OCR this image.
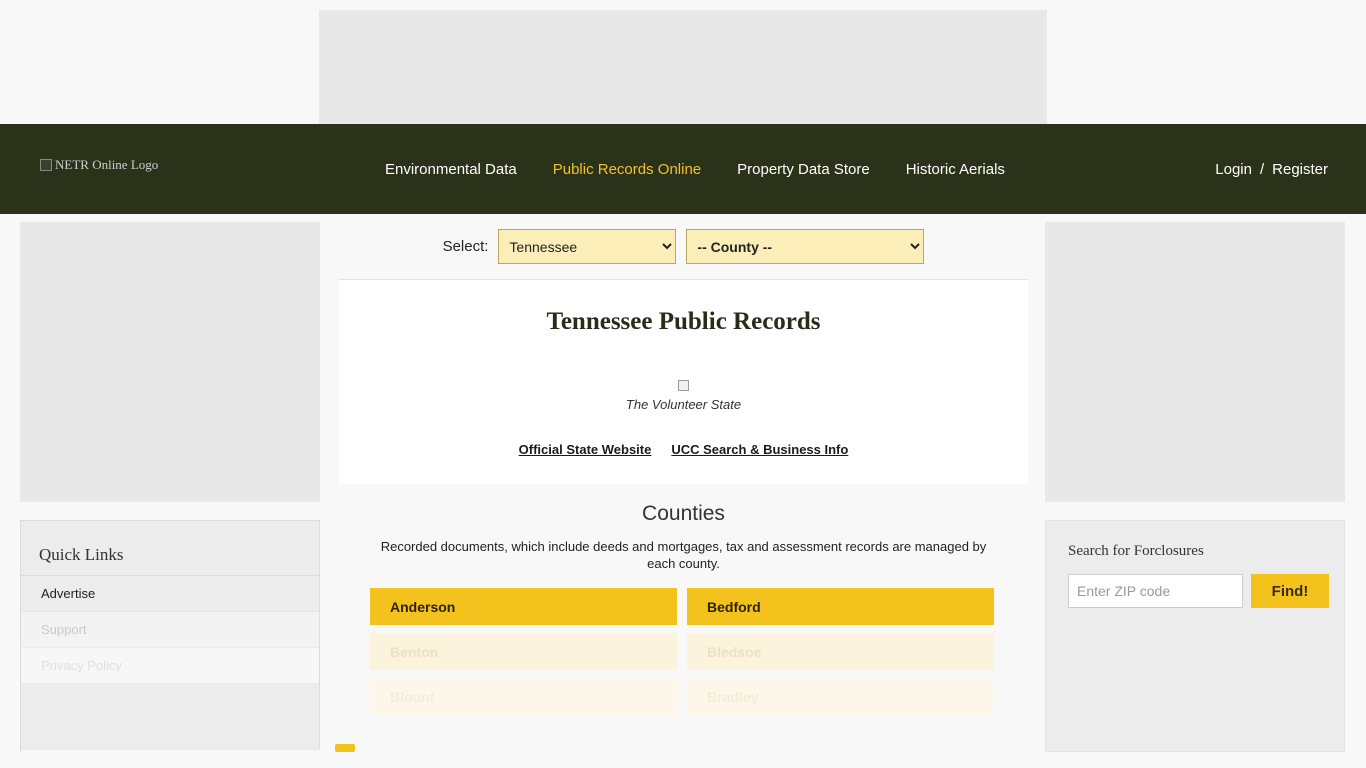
NETR Online Logo	Environmental Data	Public Records Online	Property Data Store	Historic Aerials	Login / Register
Quick Links
Advertise
Support
Privacy Policy
Search for Forclosures
Enter ZIP code
Find!
Select:
Tennessee
-- County --
Tennessee Public Records
The Volunteer State
Official State Website UCC Search & Business Info
Counties

Recorded documents, which include deeds and mortgages, tax and assessment records are managed by each county.

Anderson	Bedford
Benton	Bledsoe
Blount	Bradley
